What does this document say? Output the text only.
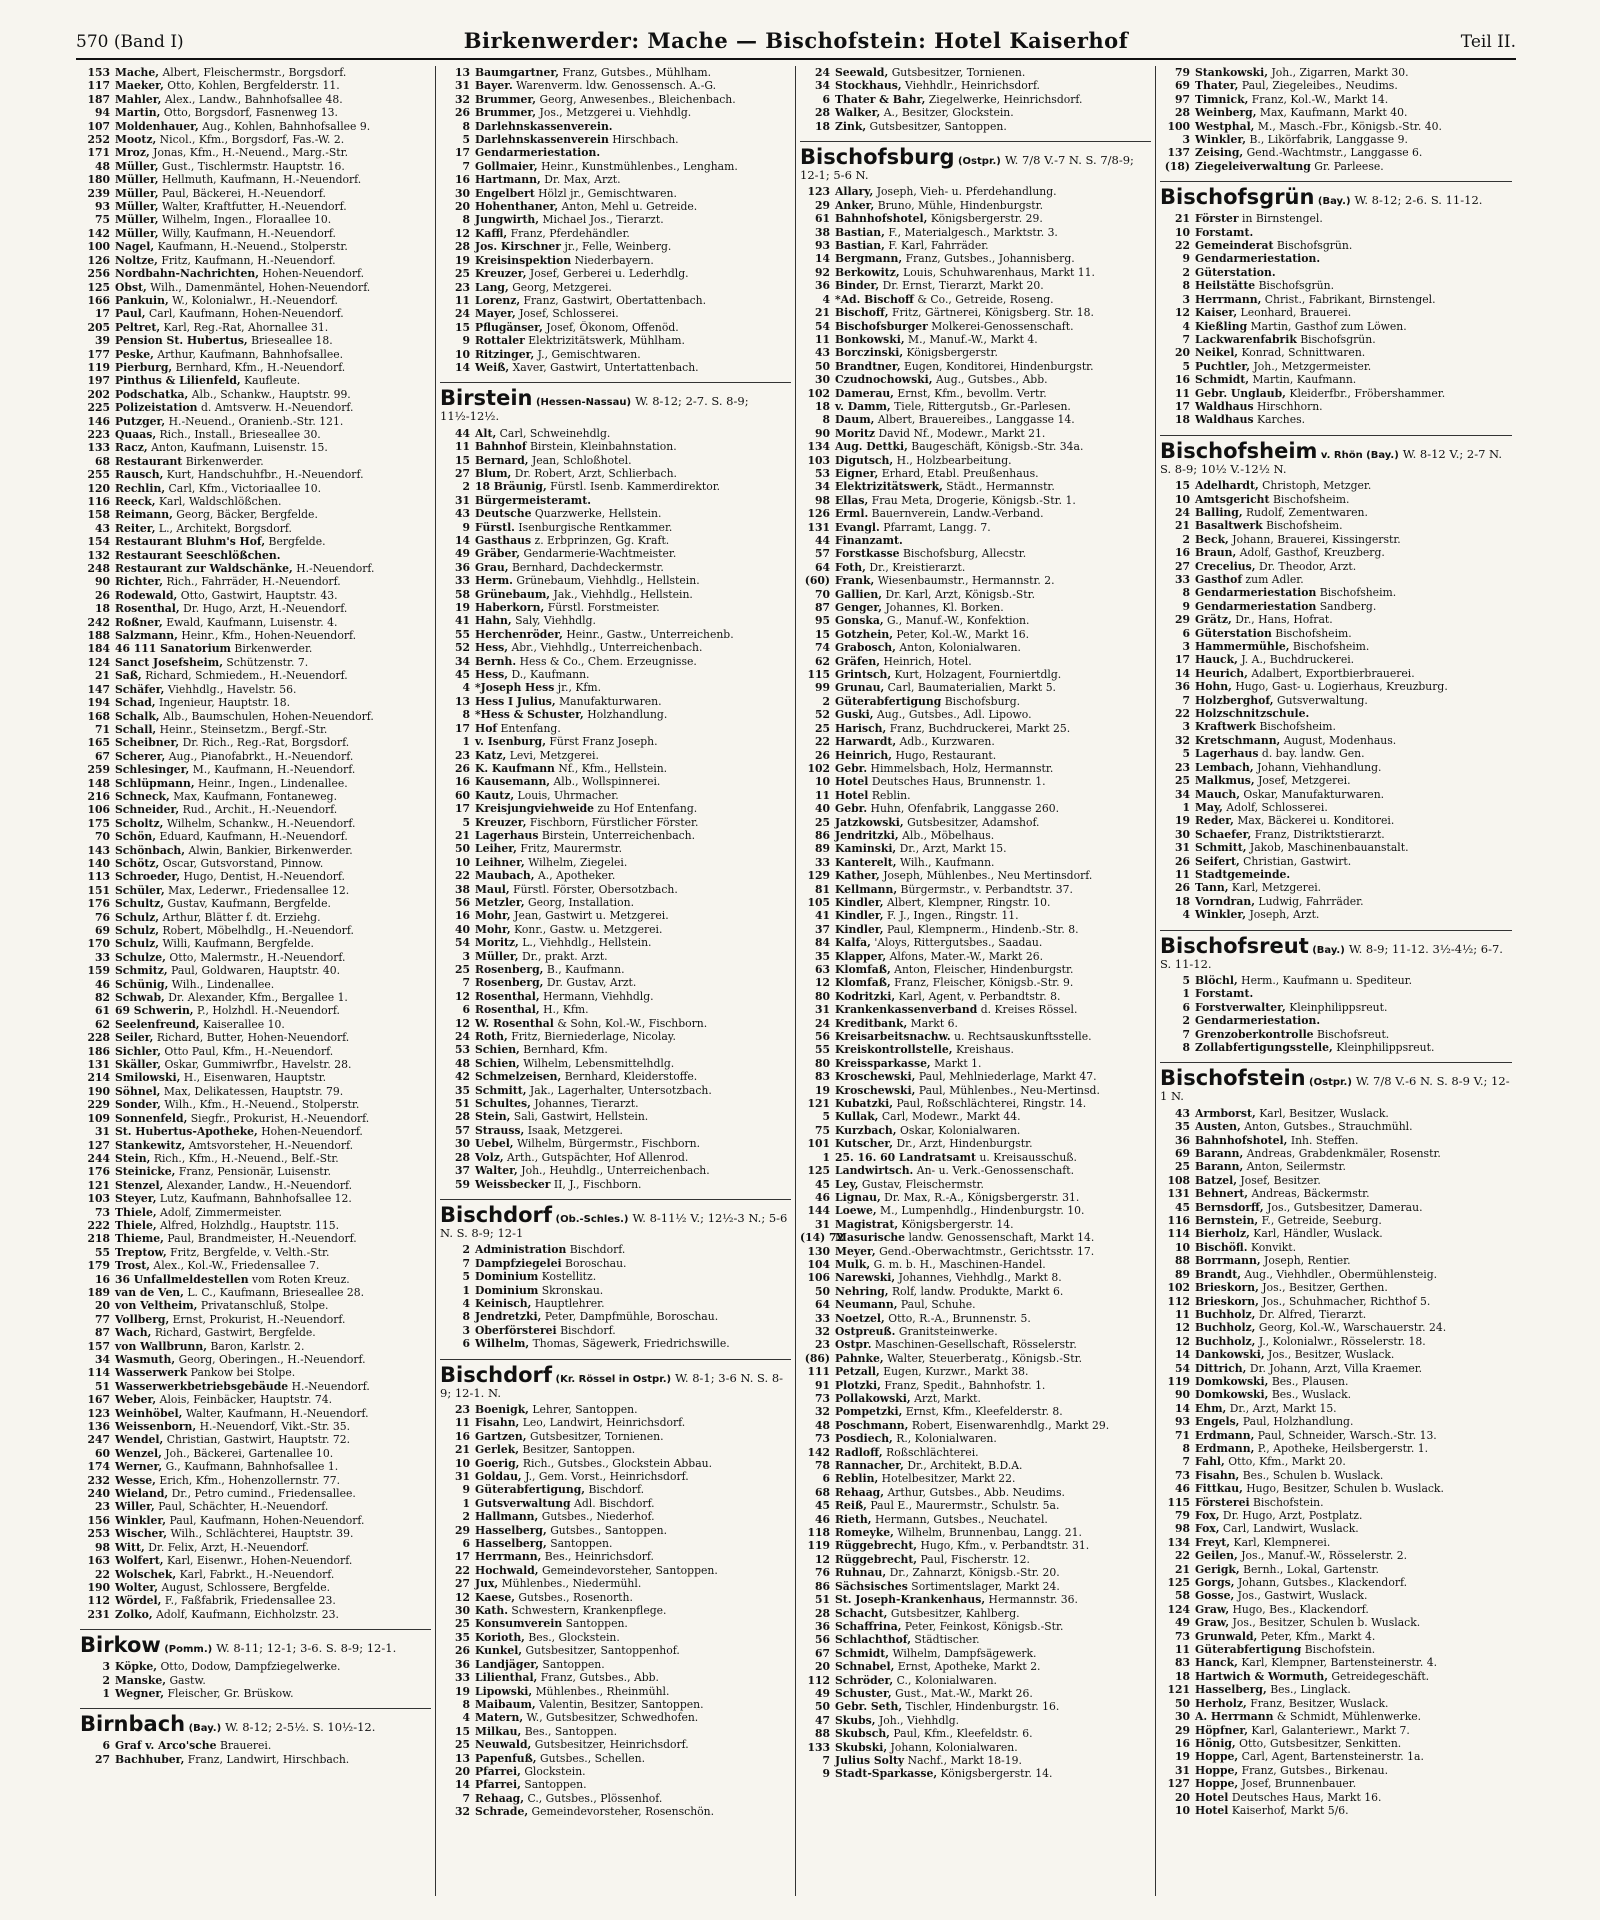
570 (Band I)	Birkenwerder: Mache — Bischofstein: Hotel Kaiserhof	Teil II.
153 Mache, Albert, Fleischermstr., Borgsdorf.
117 Maeker, Otto, Kohlen, Bergfelderstr. 11.
187 Mahler, Alex., Landw., Bahnhofsallee 48.
94 Martin, Otto, Borgsdorf, Fasnenweg 13.
107 Moldenhauer, Aug., Kohlen, Bahnhofsallee 9.
252 Mootz, Nicol., Kfm., Borgsdorf, Fas.-W. 2.
171 Mroz, Jonas, Kfm., H.-Neuend., Marg.-Str.
48 Müller, Gust., Tischlermstr. Hauptstr. 16.
180 Müller, Hellmuth, Kaufmann, H.-Neuendorf.
239 Müller, Paul, Bäckerei, H.-Neuendorf.
93 Müller, Walter, Kraftfutter, H.-Neuendorf.
75 Müller, Wilhelm, Ingen., Floraallee 10.
142 Müller, Willy, Kaufmann, H.-Neuendorf.
100 Nagel, Kaufmann, H.-Neuend., Stolperstr.
126 Noltze, Fritz, Kaufmann, H.-Neuendorf.
256 Nordbahn-Nachrichten, Hohen-Neuendorf.
125 Obst, Wilh., Damenmäntel, Hohen-Neuendorf.
166 Pankuin, W., Kolonialwr., H.-Neuendorf.
17 Paul, Carl, Kaufmann, Hohen-Neuendorf.
205 Peltret, Karl, Reg.-Rat, Ahornallee 31.
39 Pension St. Hubertus, Brieseallee 18.
177 Peske, Arthur, Kaufmann, Bahnhofsallee.
119 Pierburg, Bernhard, Kfm., H.-Neuendorf.
197 Pinthus & Lilienfeld, Kaufleute.
202 Podschatka, Alb., Schankw., Hauptstr. 99.
225 Polizeistation d. Amtsverw. H.-Neuendorf.
146 Putzger, H.-Neuend., Oranienb.-Str. 121.
223 Quaas, Rich., Install., Brieseallee 30.
133 Racz, Anton, Kaufmann, Luisenstr. 15.
68 Restaurant Birkenwerder.
255 Rausch, Kurt, Handschuhfbr., H.-Neuendorf.
120 Rechlin, Carl, Kfm., Victoriaallee 10.
116 Reeck, Karl, Waldschlößchen.
158 Reimann, Georg, Bäcker, Bergfelde.
43 Reiter, L., Architekt, Borgsdorf.
154 Restaurant Bluhm's Hof, Bergfelde.
132 Restaurant Seeschlößchen.
248 Restaurant zur Waldschänke, H.-Neuendorf.
90 Richter, Rich., Fahrräder, H.-Neuendorf.
26 Rodewald, Otto, Gastwirt, Hauptstr. 43.
18 Rosenthal, Dr. Hugo, Arzt, H.-Neuendorf.
242 Roßner, Ewald, Kaufmann, Luisenstr. 4.
188 Salzmann, Heinr., Kfm., Hohen-Neuendorf.
184 46 111 Sanatorium Birkenwerder.
124 Sanct Josefsheim, Schützenstr. 7.
21 Saß, Richard, Schmiedem., H.-Neuendorf.
147 Schäfer, Viehhdlg., Havelstr. 56.
194 Schad, Ingenieur, Hauptstr. 18.
168 Schalk, Alb., Baumschulen, Hohen-Neuendorf.
71 Schall, Heinr., Steinsetzm., Bergf.-Str.
165 Scheibner, Dr. Rich., Reg.-Rat, Borgsdorf.
67 Scherer, Aug., Pianofabrkt., H.-Neuendorf.
259 Schlesinger, M., Kaufmann, H.-Neuendorf.
148 Schlüpmann, Heinr., Ingen., Lindenallee.
216 Schneck, Max, Kaufmann, Fontaneweg.
106 Schneider, Rud., Archit., H.-Neuendorf.
175 Scholtz, Wilhelm, Schankw., H.-Neuendorf.
70 Schön, Eduard, Kaufmann, H.-Neuendorf.
143 Schönbach, Alwin, Bankier, Birkenwerder.
140 Schötz, Oscar, Gutsvorstand, Pinnow.
113 Schroeder, Hugo, Dentist, H.-Neuendorf.
151 Schüler, Max, Lederwr., Friedensallee 12.
176 Schultz, Gustav, Kaufmann, Bergfelde.
76 Schulz, Arthur, Blätter f. dt. Erziehg.
69 Schulz, Robert, Möbelhdlg., H.-Neuendorf.
170 Schulz, Willi, Kaufmann, Bergfelde.
33 Schulze, Otto, Malermstr., H.-Neuendorf.
159 Schmitz, Paul, Goldwaren, Hauptstr. 40.
46 Schünig, Wilh., Lindenallee.
82 Schwab, Dr. Alexander, Kfm., Bergallee 1.
61 69 Schwerin, P., Holzhdl. H.-Neuendorf.
62 Seelenfreund, Kaiserallee 10.
228 Seiler, Richard, Butter, Hohen-Neuendorf.
186 Sichler, Otto Paul, Kfm., H.-Neuendorf.
131 Skäller, Oskar, Gummiwrfbr., Havelstr. 28.
214 Smilowski, H., Eisenwaren, Hauptstr.
190 Söhnel, Max, Delikatessen, Hauptstr. 79.
229 Sonder, Wilh., Kfm., H.-Neuend., Stolperstr.
109 Sonnenfeld, Siegfr., Prokurist, H.-Neuendorf.
31 St. Hubertus-Apotheke, Hohen-Neuendorf.
127 Stankewitz, Amtsvorsteher, H.-Neuendorf.
244 Stein, Rich., Kfm., H.-Neuend., Belf.-Str.
176 Steinicke, Franz, Pensionär, Luisenstr.
121 Stenzel, Alexander, Landw., H.-Neuendorf.
103 Steyer, Lutz, Kaufmann, Bahnhofsallee 12.
73 Thiele, Adolf, Zimmermeister.
222 Thiele, Alfred, Holzhdlg., Hauptstr. 115.
218 Thieme, Paul, Brandmeister, H.-Neuendorf.
55 Treptow, Fritz, Bergfelde, v. Velth.-Str.
179 Trost, Alex., Kol.-W., Friedensallee 7.
16 36 Unfallmeldestellen vom Roten Kreuz.
189 van de Ven, L. C., Kaufmann, Brieseallee 28.
20 von Veltheim, Privatanschluß, Stolpe.
77 Vollberg, Ernst, Prokurist, H.-Neuendorf.
87 Wach, Richard, Gastwirt, Bergfelde.
157 von Wallbrunn, Baron, Karlstr. 2.
34 Wasmuth, Georg, Oberingen., H.-Neuendorf.
114 Wasserwerk Pankow bei Stolpe.
51 Wasserwerkbetriebsgebäude H.-Neuendorf.
167 Weber, Alois, Feinbäcker, Hauptstr. 74.
123 Weinhöbel, Walter, Kaufmann, H.-Neuendorf.
136 Weissenborn, H.-Neuendorf, Vikt.-Str. 35.
247 Wendel, Christian, Gastwirt, Hauptstr. 72.
60 Wenzel, Joh., Bäckerei, Gartenallee 10.
174 Werner, G., Kaufmann, Bahnhofsallee 1.
232 Wesse, Erich, Kfm., Hohenzollernstr. 77.
240 Wieland, Dr., Petro cumind., Friedensallee.
23 Willer, Paul, Schächter, H.-Neuendorf.
156 Winkler, Paul, Kaufmann, Hohen-Neuendorf.
253 Wischer, Wilh., Schlächterei, Hauptstr. 39.
98 Witt, Dr. Felix, Arzt, H.-Neuendorf.
163 Wolfert, Karl, Eisenwr., Hohen-Neuendorf.
22 Wolschek, Karl, Fabrkt., H.-Neuendorf.
190 Wolter, August, Schlossere, Bergfelde.
112 Wördel, F., Faßfabrik, Friedensallee 23.
231 Zolko, Adolf, Kaufmann, Eichholzstr. 23.
Birkow (Pomm.) W. 8-11; 12-1; 3-6. S. 8-9; 12-1.
3 Köpke, Otto, Dodow, Dampfziegelwerke.
2 Manske, Gastw.
1 Wegner, Fleischer, Gr. Brüskow.
Birnbach (Bay.) W. 8-12; 2-5½. S. 10½-12.
6 Graf v. Arco'sche Brauerei.
27 Bachhuber, Franz, Landwirt, Hirschbach.
13 Baumgartner, Franz, Gutsbes., Mühlham.
31 Bayer. Warenverm. ldw. Genossensch. A.-G.
32 Brummer, Georg, Anwesenbes., Bleichenbach.
26 Brummer, Jos., Metzgerei u. Viehhdlg.
8 Darlehnskassenverein.
5 Darlehnskassenverein Hirschbach.
17 Gendarmeriestation.
7 Gollmaier, Heinr., Kunstmühlenbes., Lengham.
16 Hartmann, Dr. Max, Arzt.
30 Engelbert Hölzl jr., Gemischtwaren.
20 Hohenthaner, Anton, Mehl u. Getreide.
8 Jungwirth, Michael Jos., Tierarzt.
12 Kaffl, Franz, Pferdehändler.
28 Jos. Kirschner jr., Felle, Weinberg.
19 Kreisinspektion Niederbayern.
25 Kreuzer, Josef, Gerberei u. Lederhdlg.
23 Lang, Georg, Metzgerei.
11 Lorenz, Franz, Gastwirt, Obertattenbach.
24 Mayer, Josef, Schlosserei.
15 Pflugänser, Josef, Ökonom, Offenöd.
9 Rottaler Elektrizitätswerk, Mühlham.
10 Ritzinger, J., Gemischtwaren.
14 Weiß, Xaver, Gastwirt, Untertattenbach.
Birstein (Hessen-Nassau) W. 8-12; 2-7. S. 8-9; 11½-12½.
44 Alt, Carl, Schweinehdlg.
11 Bahnhof Birstein, Kleinbahnstation.
15 Bernard, Jean, Schloßhotel.
27 Blum, Dr. Robert, Arzt, Schlierbach.
2 18 Bräunig, Fürstl. Isenb. Kammerdirektor.
31 Bürgermeisteramt.
43 Deutsche Quarzwerke, Hellstein.
9 Fürstl. Isenburgische Rentkammer.
14 Gasthaus z. Erbprinzen, Gg. Kraft.
49 Gräber, Gendarmerie-Wachtmeister.
36 Grau, Bernhard, Dachdeckermstr.
33 Herm. Grünebaum, Viehhdlg., Hellstein.
58 Grünebaum, Jak., Viehhdlg., Hellstein.
19 Haberkorn, Fürstl. Forstmeister.
41 Hahn, Saly, Viehhdlg.
55 Herchenröder, Heinr., Gastw., Unterreichenb.
52 Hess, Abr., Viehhdlg., Unterreichenbach.
34 Bernh. Hess & Co., Chem. Erzeugnisse.
45 Hess, D., Kaufmann.
4 *Joseph Hess jr., Kfm.
13 Hess I Julius, Manufakturwaren.
8 *Hess & Schuster, Holzhandlung.
17 Hof Entenfang.
1 v. Isenburg, Fürst Franz Joseph.
23 Katz, Levi, Metzgerei.
26 K. Kaufmann Nf., Kfm., Hellstein.
16 Kausemann, Alb., Wollspinnerei.
60 Kautz, Louis, Uhrmacher.
17 Kreisjungviehweide zu Hof Entenfang.
5 Kreuzer, Fischborn, Fürstlicher Förster.
21 Lagerhaus Birstein, Unterreichenbach.
50 Leiher, Fritz, Maurermstr.
10 Leihner, Wilhelm, Ziegelei.
22 Maubach, A., Apotheker.
38 Maul, Fürstl. Förster, Obersotzbach.
56 Metzler, Georg, Installation.
16 Mohr, Jean, Gastwirt u. Metzgerei.
40 Mohr, Konr., Gastw. u. Metzgerei.
54 Moritz, L., Viehhdlg., Hellstein.
3 Müller, Dr., prakt. Arzt.
25 Rosenberg, B., Kaufmann.
7 Rosenberg, Dr. Gustav, Arzt.
12 Rosenthal, Hermann, Viehhdlg.
6 Rosenthal, H., Kfm.
12 W. Rosenthal & Sohn, Kol.-W., Fischborn.
24 Roth, Fritz, Bierniederlage, Nicolay.
53 Schien, Bernhard, Kfm.
48 Schien, Wilhelm, Lebensmittelhdlg.
42 Schmelzeisen, Bernhard, Kleiderstoffe.
35 Schmitt, Jak., Lagerhalter, Untersotzbach.
51 Schultes, Johannes, Tierarzt.
28 Stein, Sali, Gastwirt, Hellstein.
57 Strauss, Isaak, Metzgerei.
30 Uebel, Wilhelm, Bürgermstr., Fischborn.
28 Volz, Arth., Gutspächter, Hof Allenrod.
37 Walter, Joh., Heuhdlg., Unterreichenbach.
59 Weissbecker II, J., Fischborn.
Bischdorf (Ob.-Schles.) W. 8-11½ V.; 12½-3 N.; 5-6 N. S. 8-9; 12-1
2 Administration Bischdorf.
7 Dampfziegelei Boroschau.
5 Dominium Kostellitz.
1 Dominium Skronskau.
4 Keinisch, Hauptlehrer.
8 Jendretzki, Peter, Dampfmühle, Boroschau.
3 Oberförsterei Bischdorf.
6 Wilhelm, Thomas, Sägewerk, Friedrichswille.
Bischdorf (Kr. Rössel in Ostpr.) W. 8-1; 3-6 N. S. 8-9; 12-1. N.
23 Boenigk, Lehrer, Santoppen.
11 Fisahn, Leo, Landwirt, Heinrichsdorf.
16 Gartzen, Gutsbesitzer, Tornienen.
21 Gerlek, Besitzer, Santoppen.
10 Goerig, Rich., Gutsbes., Glockstein Abbau.
31 Goldau, J., Gem. Vorst., Heinrichsdorf.
9 Güterabfertigung, Bischdorf.
1 Gutsverwaltung Adl. Bischdorf.
2 Hallmann, Gutsbes., Niederhof.
29 Hasselberg, Gutsbes., Santoppen.
6 Hasselberg, Santoppen.
17 Herrmann, Bes., Heinrichsdorf.
22 Hochwald, Gemeindevorsteher, Santoppen.
27 Jux, Mühlenbes., Niedermühl.
12 Kaese, Gutsbes., Rosenorth.
30 Kath. Schwestern, Krankenpflege.
25 Konsumverein Santoppen.
35 Korioth, Bes., Glockstein.
26 Kunkel, Gutsbesitzer, Santoppenhof.
36 Landjäger, Santoppen.
33 Lilienthal, Franz, Gutsbes., Abb.
19 Lipowski, Mühlenbes., Rheinmühl.
8 Maibaum, Valentin, Besitzer, Santoppen.
4 Matern, W., Gutsbesitzer, Schwedhofen.
15 Milkau, Bes., Santoppen.
25 Neuwald, Gutsbesitzer, Heinrichsdorf.
13 Papenfuß, Gutsbes., Schellen.
20 Pfarrei, Glockstein.
14 Pfarrei, Santoppen.
7 Rehaag, C., Gutsbes., Plössenhof.
32 Schrade, Gemeindevorsteher, Rosenschön.
24 Seewald, Gutsbesitzer, Tornienen.
34 Stockhaus, Viehhdlr., Heinrichsdorf.
6 Thater & Bahr, Ziegelwerke, Heinrichsdorf.
28 Walker, A., Besitzer, Glockstein.
18 Zink, Gutsbesitzer, Santoppen.
Bischofsburg (Ostpr.) W. 7/8 V.-7 N. S. 7/8-9; 12-1; 5-6 N.
123 Allary, Joseph, Vieh- u. Pferdehandlung.
29 Anker, Bruno, Mühle, Hindenburgstr.
61 Bahnhofshotel, Königsbergerstr. 29.
38 Bastian, F., Materialgesch., Marktstr. 3.
93 Bastian, F. Karl, Fahrräder.
14 Bergmann, Franz, Gutsbes., Johannisberg.
92 Berkowitz, Louis, Schuhwarenhaus, Markt 11.
36 Binder, Dr. Ernst, Tierarzt, Markt 20.
4 *Ad. Bischoff & Co., Getreide, Roseng.
21 Bischoff, Fritz, Gärtnerei, Königsberg. Str. 18.
54 Bischofsburger Molkerei-Genossenschaft.
11 Bonkowski, M., Manuf.-W., Markt 4.
43 Borczinski, Königsbergerstr.
50 Brandtner, Eugen, Konditorei, Hindenburgstr.
30 Czudnochowski, Aug., Gutsbes., Abb.
102 Damerau, Ernst, Kfm., bevollm. Vertr.
18 v. Damm, Tiele, Rittergutsb., Gr.-Parlesen.
8 Daum, Albert, Brauereibes., Langgasse 14.
90 Moritz David Nf., Modewr., Markt 21.
134 Aug. Dettki, Baugeschäft, Königsb.-Str. 34a.
103 Digutsch, H., Holzbearbeitung.
53 Eigner, Erhard, Etabl. Preußenhaus.
34 Elektrizitätswerk, Städt., Hermannstr.
98 Ellas, Frau Meta, Drogerie, Königsb.-Str. 1.
126 Erml. Bauernverein, Landw.-Verband.
131 Evangl. Pfarramt, Langg. 7.
44 Finanzamt.
57 Forstkasse Bischofsburg, Allecstr.
64 Foth, Dr., Kreistierarzt.
(60) Frank, Wiesenbaumstr., Hermannstr. 2.
70 Gallien, Dr. Karl, Arzt, Königsb.-Str.
87 Genger, Johannes, Kl. Borken.
95 Gonska, G., Manuf.-W., Konfektion.
15 Gotzhein, Peter, Kol.-W., Markt 16.
74 Grabosch, Anton, Kolonialwaren.
62 Gräfen, Heinrich, Hotel.
115 Grintsch, Kurt, Holzagent, Fourniertdlg.
99 Grunau, Carl, Baumaterialien, Markt 5.
2 Güterabfertigung Bischofsburg.
52 Guski, Aug., Gutsbes., Adl. Lipowo.
25 Harisch, Franz, Buchdruckerei, Markt 25.
22 Harwardt, Adb., Kurzwaren.
26 Heinrich, Hugo, Restaurant.
102 Gebr. Himmelsbach, Holz, Hermannstr.
10 Hotel Deutsches Haus, Brunnenstr. 1.
11 Hotel Reblin.
40 Gebr. Huhn, Ofenfabrik, Langgasse 260.
25 Jatzkowski, Gutsbesitzer, Adamshof.
86 Jendritzki, Alb., Möbelhaus.
89 Kaminski, Dr., Arzt, Markt 15.
33 Kanterelt, Wilh., Kaufmann.
129 Kather, Joseph, Mühlenbes., Neu Mertinsdorf.
81 Kellmann, Bürgermstr., v. Perbandtstr. 37.
105 Kindler, Albert, Klempner, Ringstr. 10.
41 Kindler, F. J., Ingen., Ringstr. 11.
37 Kindler, Paul, Klempnerm., Hindenb.-Str. 8.
84 Kalfa, 'Aloys, Rittergutsbes., Saadau.
35 Klapper, Alfons, Mater.-W., Markt 26.
63 Klomfaß, Anton, Fleischer, Hindenburgstr.
12 Klomfaß, Franz, Fleischer, Königsb.-Str. 9.
80 Kodritzki, Karl, Agent, v. Perbandtstr. 8.
31 Krankenkassenverband d. Kreises Rössel.
24 Kreditbank, Markt 6.
56 Kreisarbeitsnachw. u. Rechtsauskunftsstelle.
55 Kreiskontrollstelle, Kreishaus.
80 Kreissparkasse, Markt 1.
83 Kroschewski, Paul, Mehlniederlage, Markt 47.
19 Kroschewski, Paul, Mühlenbes., Neu-Mertinsd.
121 Kubatzki, Paul, Roßschlächterei, Ringstr. 14.
5 Kullak, Carl, Modewr., Markt 44.
75 Kurzbach, Oskar, Kolonialwaren.
101 Kutscher, Dr., Arzt, Hindenburgstr.
1 25. 16. 60 Landratsamt u. Kreisausschuß.
125 Landwirtsch. An- u. Verk.-Genossenschaft.
45 Ley, Gustav, Fleischermstr.
46 Lignau, Dr. Max, R.-A., Königsbergerstr. 31.
144 Loewe, M., Lumpenhdlg., Hindenburgstr. 10.
31 Magistrat, Königsbergerstr. 14.
(14) 72Masurische landw. Genossenschaft, Markt 14.
130 Meyer, Gend.-Oberwachtmstr., Gerichtsstr. 17.
104 Mulk, G. m. b. H., Maschinen-Handel.
106 Narewski, Johannes, Viehhdlg., Markt 8.
50 Nehring, Rolf, landw. Produkte, Markt 6.
64 Neumann, Paul, Schuhe.
33 Noetzel, Otto, R.-A., Brunnenstr. 5.
32 Ostpreuß. Granitsteinwerke.
23 Ostpr. Maschinen-Gesellschaft, Rösselerstr.
(86) Pahnke, Walter, Steuerberatg., Königsb.-Str.
111 Petzall, Eugen, Kurzwr., Markt 38.
91 Plotzki, Franz, Spedit., Bahnhofstr. 1.
73 Pollakowski, Arzt, Markt.
32 Pompetzki, Ernst, Kfm., Kleefelderstr. 8.
48 Poschmann, Robert, Eisenwarenhdlg., Markt 29.
73 Posdiech, R., Kolonialwaren.
142 Radloff, Roßschlächterei.
78 Rannacher, Dr., Architekt, B.D.A.
6 Reblin, Hotelbesitzer, Markt 22.
68 Rehaag, Arthur, Gutsbes., Abb. Neudims.
45 Reiß, Paul E., Maurermstr., Schulstr. 5a.
46 Rieth, Hermann, Gutsbes., Neuchatel.
118 Romeyke, Wilhelm, Brunnenbau, Langg. 21.
119 Rüggebrecht, Hugo, Kfm., v. Perbandtstr. 31.
12 Rüggebrecht, Paul, Fischerstr. 12.
76 Ruhnau, Dr., Zahnarzt, Königsb.-Str. 20.
86 Sächsisches Sortimentslager, Markt 24.
51 St. Joseph-Krankenhaus, Hermannstr. 36.
28 Schacht, Gutsbesitzer, Kahlberg.
36 Schaffrina, Peter, Feinkost, Königsb.-Str.
56 Schlachthof, Städtischer.
67 Schmidt, Wilhelm, Dampfsägewerk.
20 Schnabel, Ernst, Apotheke, Markt 2.
112 Schröder, C., Kolonialwaren.
49 Schuster, Gust., Mat.-W., Markt 26.
50 Gebr. Seth, Tischler, Hindenburgstr. 16.
47 Skubs, Joh., Viehhdlg.
88 Skubsch, Paul, Kfm., Kleefeldstr. 6.
133 Skubski, Johann, Kolonialwaren.
7 Julius Solty Nachf., Markt 18-19.
9 Stadt-Sparkasse, Königsbergerstr. 14.
79 Stankowski, Joh., Zigarren, Markt 30.
69 Thater, Paul, Ziegeleibes., Neudims.
97 Timnick, Franz, Kol.-W., Markt 14.
28 Weinberg, Max, Kaufmann, Markt 40.
100 Westphal, M., Masch.-Fbr., Königsb.-Str. 40.
3 Winkler, B., Likörfabrik, Langgasse 9.
137 Zeising, Gend.-Wachtmstr., Langgasse 6.
(18) Ziegeleiverwaltung Gr. Parleese.
Bischofsgrün (Bay.) W. 8-12; 2-6. S. 11-12.
21 Förster in Birnstengel.
10 Forstamt.
22 Gemeinderat Bischofsgrün.
9 Gendarmeriestation.
2 Güterstation.
8 Heilstätte Bischofsgrün.
3 Herrmann, Christ., Fabrikant, Birnstengel.
12 Kaiser, Leonhard, Brauerei.
4 Kießling Martin, Gasthof zum Löwen.
7 Lackwarenfabrik Bischofsgrün.
20 Neikel, Konrad, Schnittwaren.
5 Puchtler, Joh., Metzgermeister.
16 Schmidt, Martin, Kaufmann.
11 Gebr. Unglaub, Kleiderfbr., Fröbershammer.
17 Waldhaus Hirschhorn.
18 Waldhaus Karches.
Bischofsheim v. Rhön (Bay.) W. 8-12 V.; 2-7 N. S. 8-9; 10½ V.-12½ N.
15 Adelhardt, Christoph, Metzger.
10 Amtsgericht Bischofsheim.
24 Balling, Rudolf, Zementwaren.
21 Basaltwerk Bischofsheim.
2 Beck, Johann, Brauerei, Kissingerstr.
16 Braun, Adolf, Gasthof, Kreuzberg.
27 Crecelius, Dr. Theodor, Arzt.
33 Gasthof zum Adler.
8 Gendarmeriestation Bischofsheim.
9 Gendarmeriestation Sandberg.
29 Grätz, Dr., Hans, Hofrat.
6 Güterstation Bischofsheim.
3 Hammermühle, Bischofsheim.
17 Hauck, J. A., Buchdruckerei.
14 Heurich, Adalbert, Exportbierbrauerei.
36 Hohn, Hugo, Gast- u. Logierhaus, Kreuzburg.
7 Holzberghof, Gutsverwaltung.
22 Holzschnitzschule.
3 Kraftwerk Bischofsheim.
32 Kretschmann, August, Modenhaus.
5 Lagerhaus d. bay. landw. Gen.
23 Lembach, Johann, Viehhandlung.
25 Malkmus, Josef, Metzgerei.
34 Mauch, Oskar, Manufakturwaren.
1 May, Adolf, Schlosserei.
19 Reder, Max, Bäckerei u. Konditorei.
30 Schaefer, Franz, Distriktstierarzt.
31 Schmitt, Jakob, Maschinenbauanstalt.
26 Seifert, Christian, Gastwirt.
11 Stadtgemeinde.
26 Tann, Karl, Metzgerei.
18 Vorndran, Ludwig, Fahrräder.
4 Winkler, Joseph, Arzt.
Bischofsreut (Bay.) W. 8-9; 11-12. 3½-4½; 6-7. S. 11-12.
5 Blöchl, Herm., Kaufmann u. Spediteur.
1 Forstamt.
6 Forstverwalter, Kleinphilippsreut.
2 Gendarmeriestation.
7 Grenzoberkontrolle Bischofsreut.
8 Zollabfertigungsstelle, Kleinphilippsreut.
Bischofstein (Ostpr.) W. 7/8 V.-6 N. S. 8-9 V.; 12-1 N.
43 Armborst, Karl, Besitzer, Wuslack.
35 Austen, Anton, Gutsbes., Strauchmühl.
36 Bahnhofshotel, Inh. Steffen.
69 Barann, Andreas, Grabdenkmäler, Rosenstr.
25 Barann, Anton, Seilermstr.
108 Batzel, Josef, Besitzer.
131 Behnert, Andreas, Bäckermstr.
45 Bernsdorff, Jos., Gutsbesitzer, Damerau.
116 Bernstein, F., Getreide, Seeburg.
114 Bierholz, Karl, Händler, Wuslack.
10 Bischöfl. Konvikt.
88 Borrmann, Joseph, Rentier.
89 Brandt, Aug., Viehhdler., Obermühlensteig.
102 Brieskorn, Jos., Besitzer, Gerthen.
112 Brieskorn, Jos., Schuhmacher, Richthof 5.
11 Buchholz, Dr. Alfred, Tierarzt.
12 Buchholz, Georg, Kol.-W., Warschauerstr. 24.
12 Buchholz, J., Kolonialwr., Rösselerstr. 18.
14 Dankowski, Jos., Besitzer, Wuslack.
54 Dittrich, Dr. Johann, Arzt, Villa Kraemer.
119 Domkowski, Bes., Plausen.
90 Domkowski, Bes., Wuslack.
14 Ehm, Dr., Arzt, Markt 15.
93 Engels, Paul, Holzhandlung.
71 Erdmann, Paul, Schneider, Warsch.-Str. 13.
8 Erdmann, P., Apotheke, Heilsbergerstr. 1.
7 Fahl, Otto, Kfm., Markt 20.
73 Fisahn, Bes., Schulen b. Wuslack.
46 Fittkau, Hugo, Besitzer, Schulen b. Wuslack.
115 Försterei Bischofstein.
79 Fox, Dr. Hugo, Arzt, Postplatz.
98 Fox, Carl, Landwirt, Wuslack.
134 Freyt, Karl, Klempnerei.
22 Geilen, Jos., Manuf.-W., Rösselerstr. 2.
21 Gerigk, Bernh., Lokal, Gartenstr.
125 Gorgs, Johann, Gutsbes., Klackendorf.
58 Gosse, Jos., Gastwirt, Wuslack.
124 Graw, Hugo, Bes., Klackendorf.
49 Graw, Jos., Besitzer, Schulen b. Wuslack.
73 Grunwald, Peter, Kfm., Markt 4.
11 Güterabfertigung Bischofstein.
83 Hanck, Karl, Klempner, Bartensteinerstr. 4.
18 Hartwich & Wormuth, Getreidegeschäft.
121 Hasselberg, Bes., Linglack.
50 Herholz, Franz, Besitzer, Wuslack.
30 A. Herrmann & Schmidt, Mühlenwerke.
29 Höpfner, Karl, Galanteriewr., Markt 7.
16 Hönig, Otto, Gutsbesitzer, Senkitten.
19 Hoppe, Carl, Agent, Bartensteinerstr. 1a.
31 Hoppe, Franz, Gutsbes., Birkenau.
127 Hoppe, Josef, Brunnenbauer.
20 Hotel Deutsches Haus, Markt 16.
10 Hotel Kaiserhof, Markt 5/6.
